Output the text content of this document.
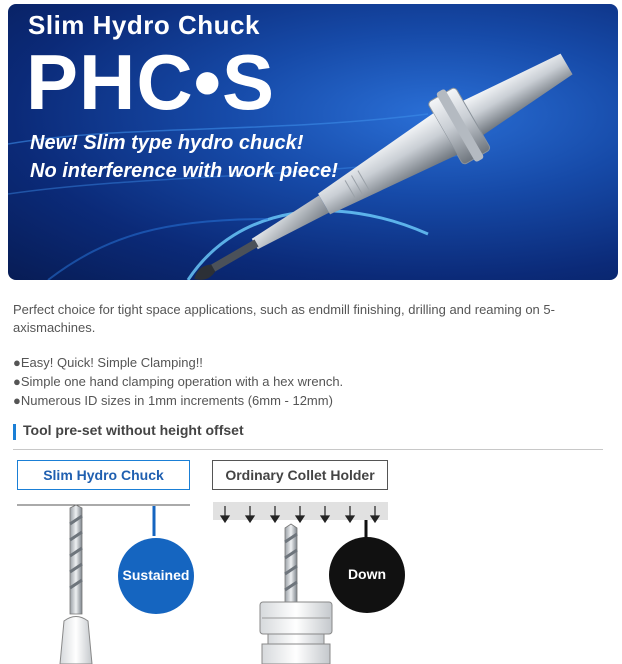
Slim Hydro Chuck
PHC•S
New! Slim type hydro chuck!
No interference with work piece!
Perfect choice for tight space applications, such as endmill finishing, drilling and reaming on 5-axismachines.
●Easy! Quick! Simple Clamping!!
●Simple one hand clamping operation with a hex wrench.
●Numerous ID sizes in 1mm increments (6mm - 12mm)
Tool pre-set without height offset
Slim Hydro Chuck	Ordinary Collet Holder
Sustained	Down
